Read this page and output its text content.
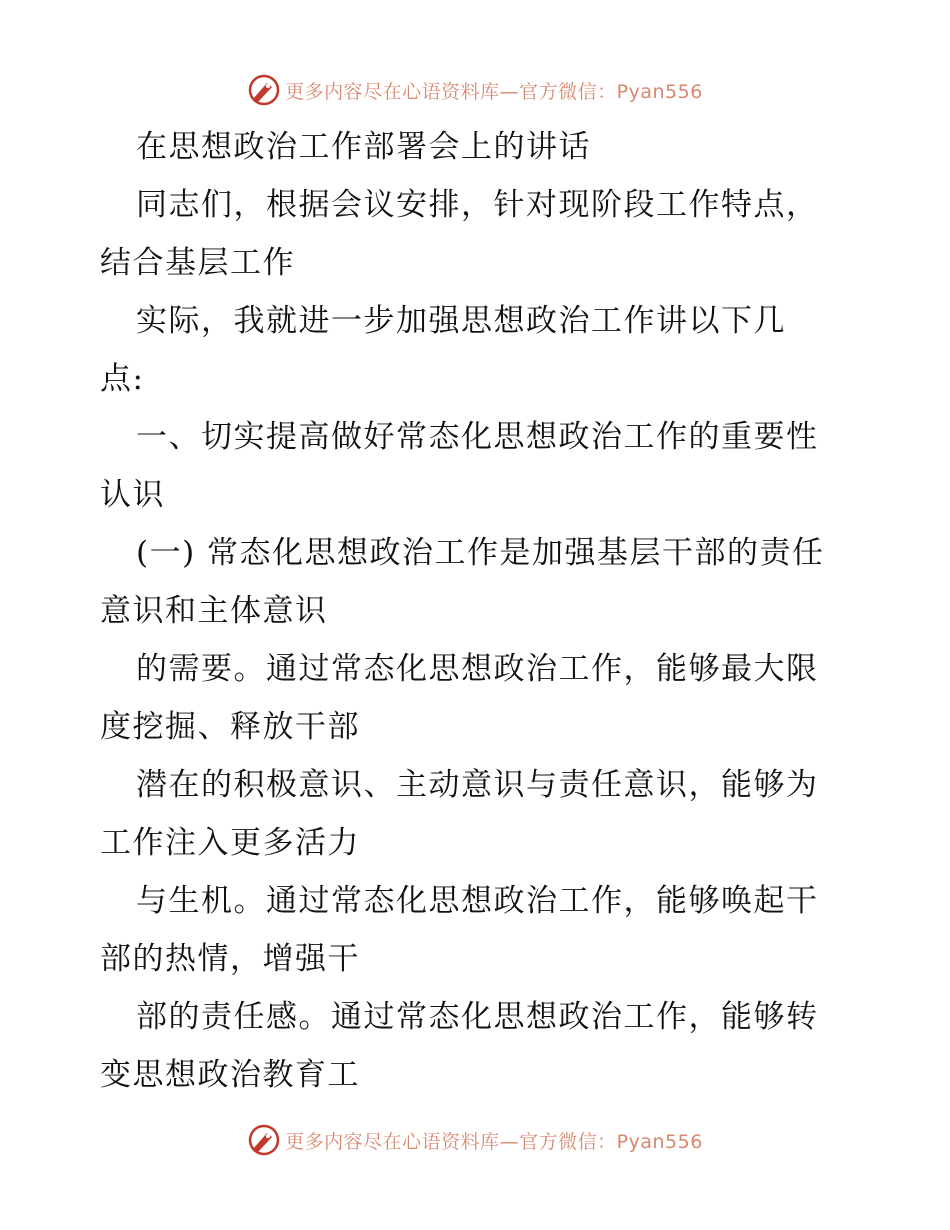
更多内容尽在心语资料库—官方微信：Pyan556
在思想政治工作部署会上的讲话
同志们，根据会议安排，针对现阶段工作特点，
结合基层工作
实际，我就进一步加强思想政治工作讲以下几
点:
一、切实提高做好常态化思想政治工作的重要性
认识
(一) 常态化思想政治工作是加强基层干部的责任
意识和主体意识
的需要。通过常态化思想政治工作，能够最大限
度挖掘、释放干部
潜在的积极意识、主动意识与责任意识，能够为
工作注入更多活力
与生机。通过常态化思想政治工作，能够唤起干
部的热情，增强干
部的责任感。通过常态化思想政治工作，能够转
变思想政治教育工
更多内容尽在心语资料库—官方微信：Pyan556
